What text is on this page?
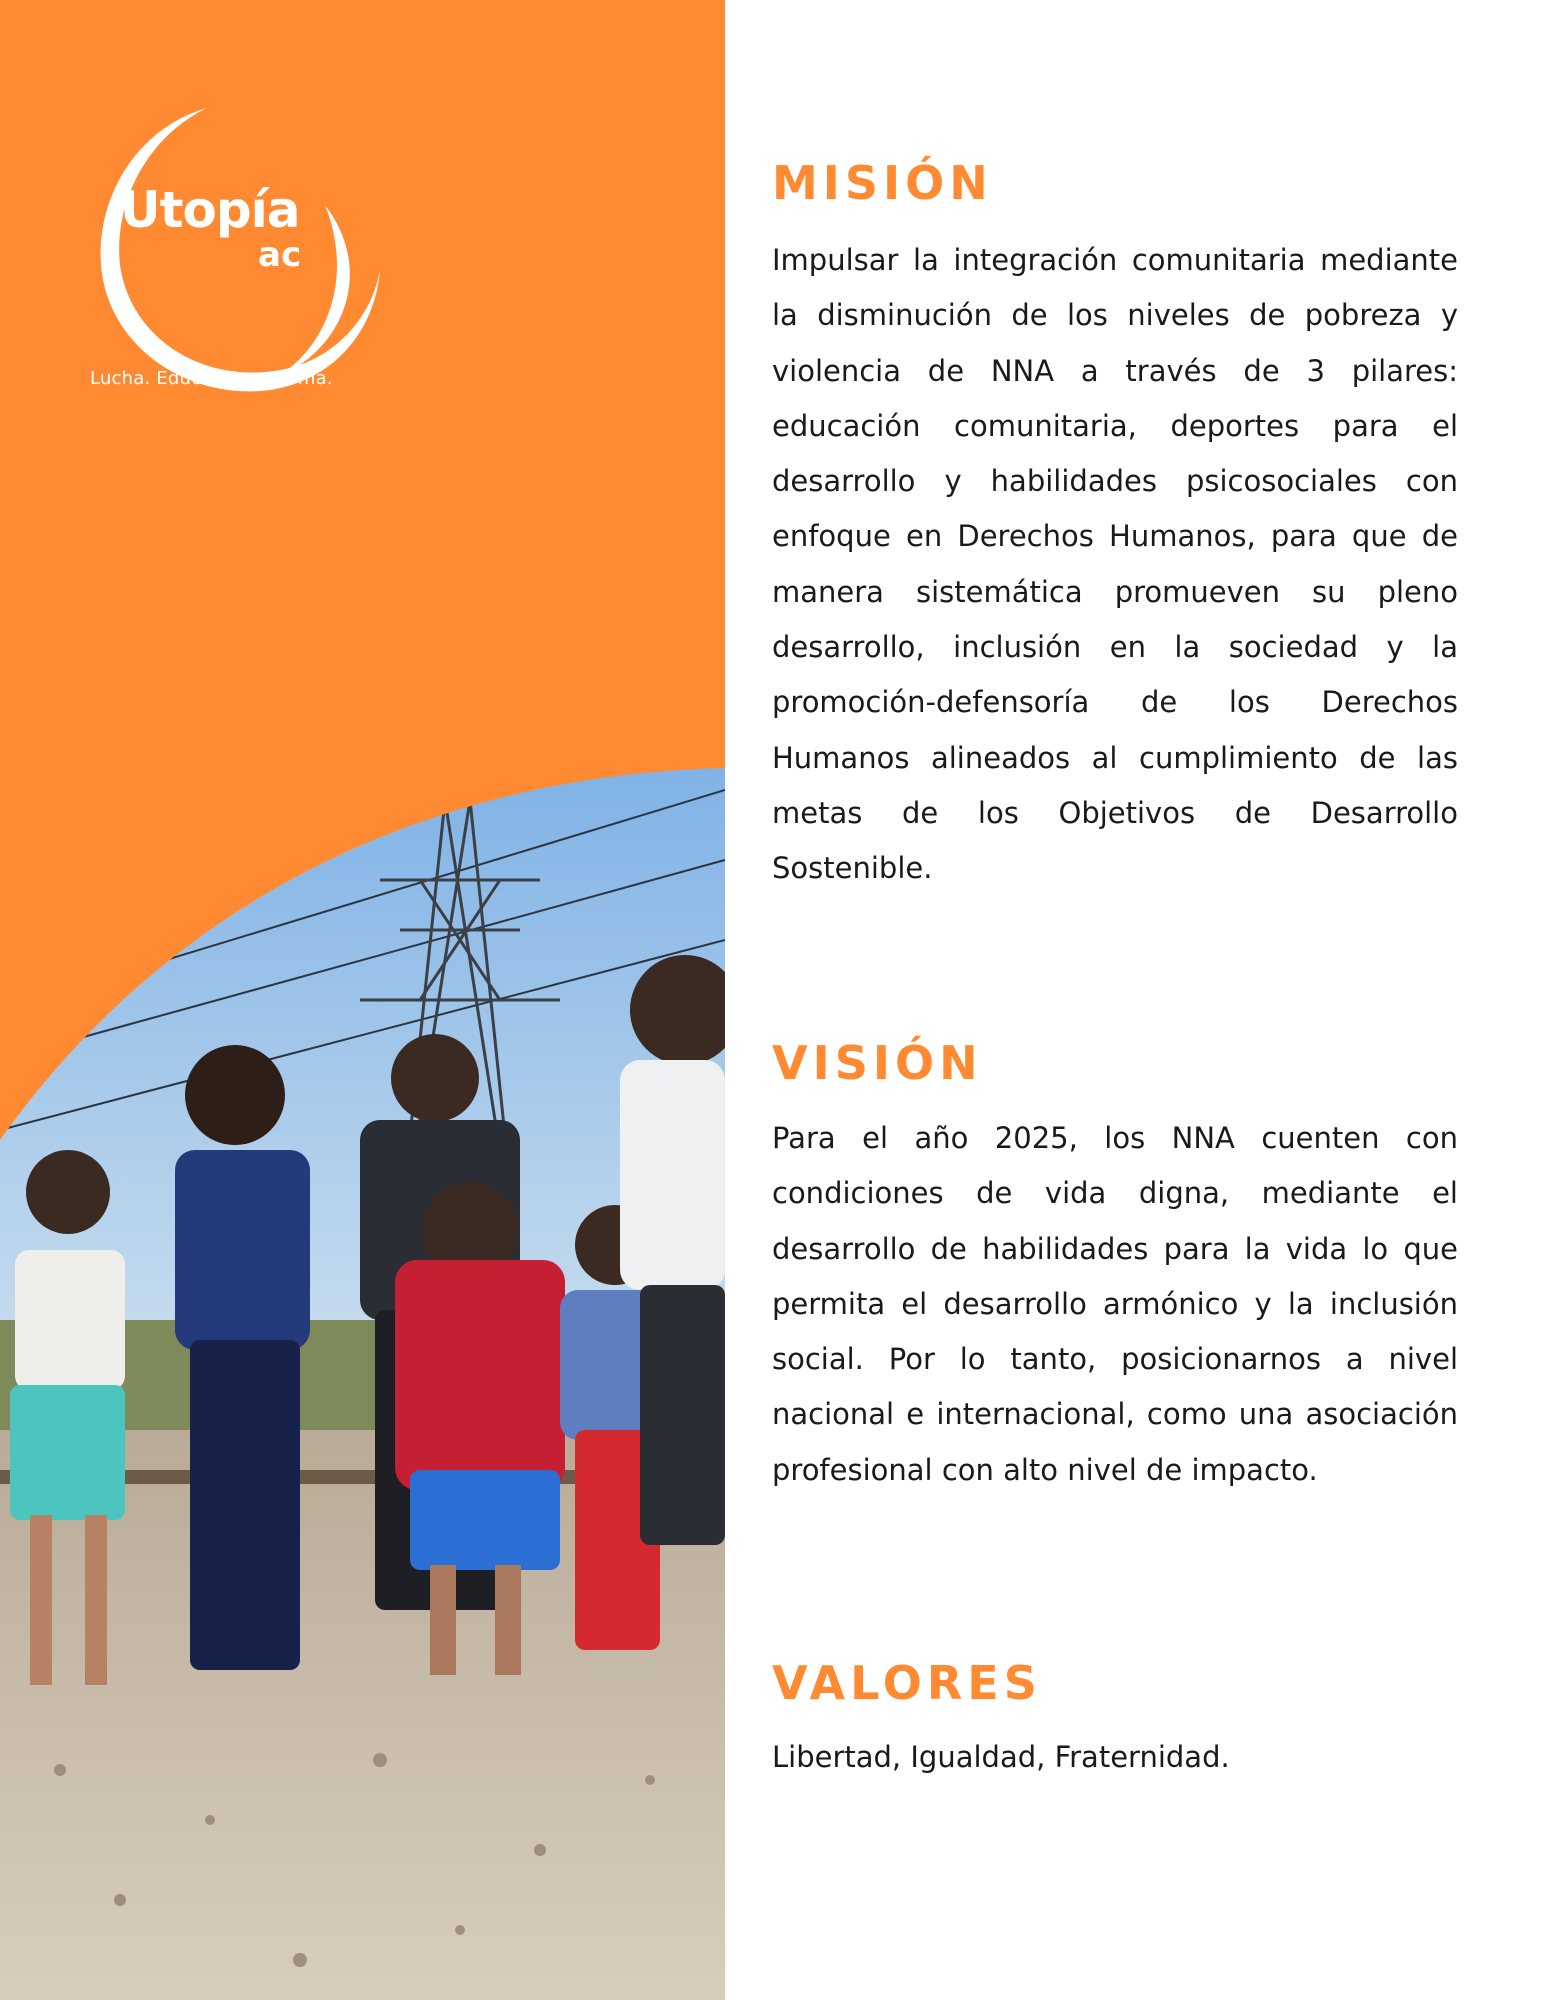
Utopía
ac
Lucha. Educa. Transforma.
MISIÓN

Impulsar la integración comunitaria mediante la disminución de los niveles de pobreza y violencia de NNA a través de 3 pilares: educación comunitaria, deportes para el desarrollo y habilidades psicosociales con enfoque en Derechos Humanos, para que de manera sistemática promueven su pleno desarrollo, inclusión en la sociedad y la promoción-defensoría de los Derechos Humanos alineados al cumplimiento de las metas de los Objetivos de Desarrollo Sostenible.

VISIÓN

Para el año 2025, los NNA cuenten con condiciones de vida digna, mediante el desarrollo de habilidades para la vida lo que permita el desarrollo armónico y la inclusión social. Por lo tanto, posicionarnos a nivel nacional e internacional, como una asociación profesional con alto nivel de impacto.

VALORES

Libertad, Igualdad, Fraternidad.
